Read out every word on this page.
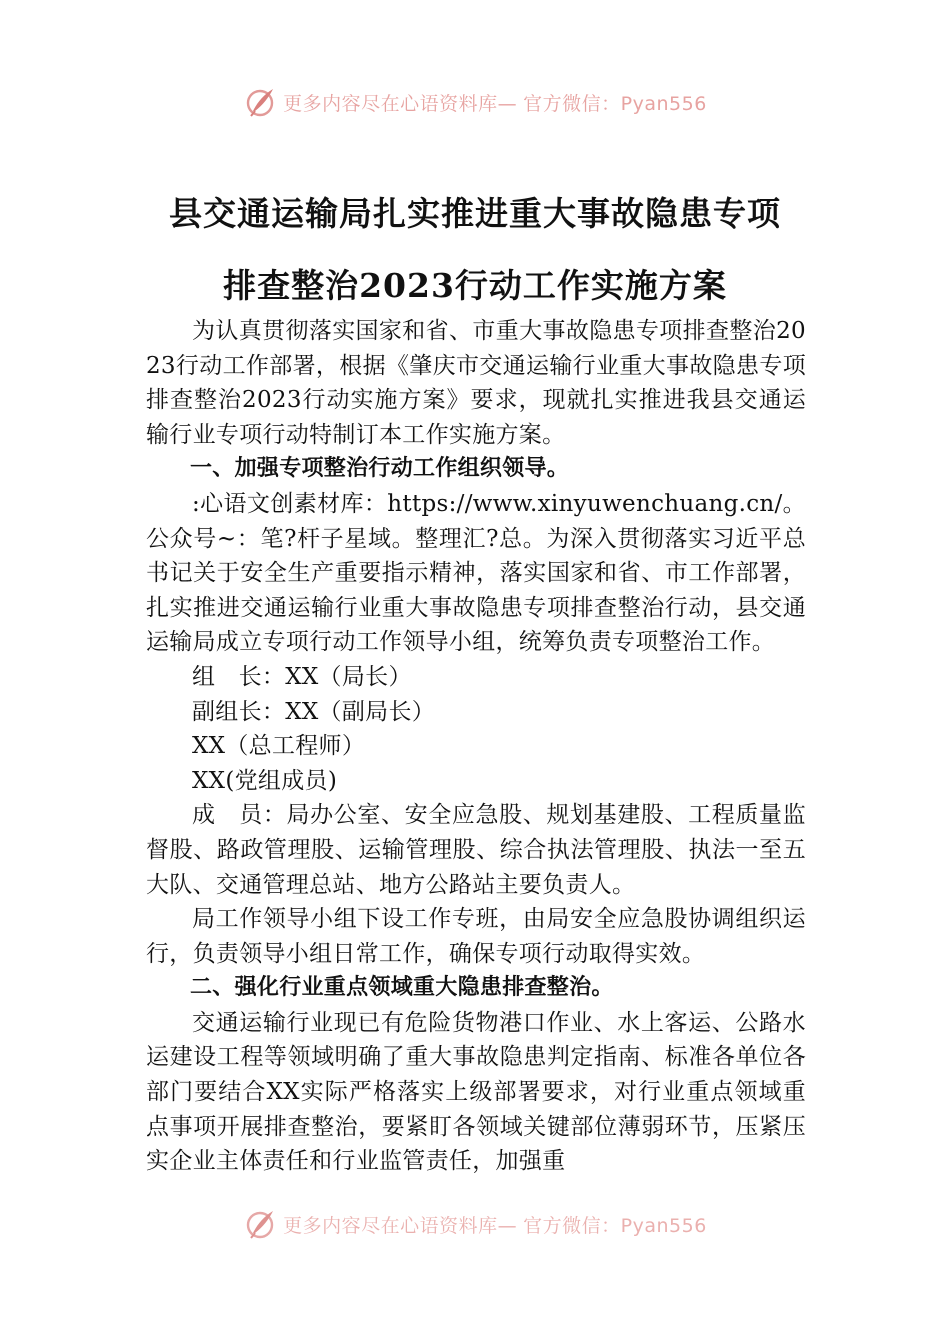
更多内容尽在心语资料库— 官方微信：Pyan556
县交通运输局扎实推进重大事故隐患专项
排查整治2023行动工作实施方案

为认真贯彻落实国家和省、市重大事故隐患专项排查整治2023行动工作部署，根据《肇庆市交通运输行业重大事故隐患专项排查整治2023行动实施方案》要求，现就扎实推进我县交通运输行业专项行动特制订本工作实施方案。

一、加强专项整治行动工作组织领导。

:心语文创素材库：https://www.xinyuwenchuang.cn/。公众号~：笔?杆子星域。整理汇?总。为深入贯彻落实习近平总书记关于安全生产重要指示精神，落实国家和省、市工作部署，扎实推进交通运输行业重大事故隐患专项排查整治行动，县交通运输局成立专项行动工作领导小组，统筹负责专项整治工作。

组　长：XX（局长）

副组长：XX（副局长）

XX（总工程师）

XX(党组成员)

成　员：局办公室、安全应急股、规划基建股、工程质量监督股、路政管理股、运输管理股、综合执法管理股、执法一至五大队、交通管理总站、地方公路站主要负责人。

局工作领导小组下设工作专班，由局安全应急股协调组织运行，负责领导小组日常工作，确保专项行动取得实效。

二、强化行业重点领域重大隐患排查整治。

交通运输行业现已有危险货物港口作业、水上客运、公路水运建设工程等领域明确了重大事故隐患判定指南、标准各单位各部门要结合XX实际严格落实上级部署要求，对行业重点领域重点事项开展排查整治，要紧盯各领域关键部位薄弱环节，压紧压实企业主体责任和行业监管责任，加强重

更多内容尽在心语资料库— 官方微信：Pyan556
